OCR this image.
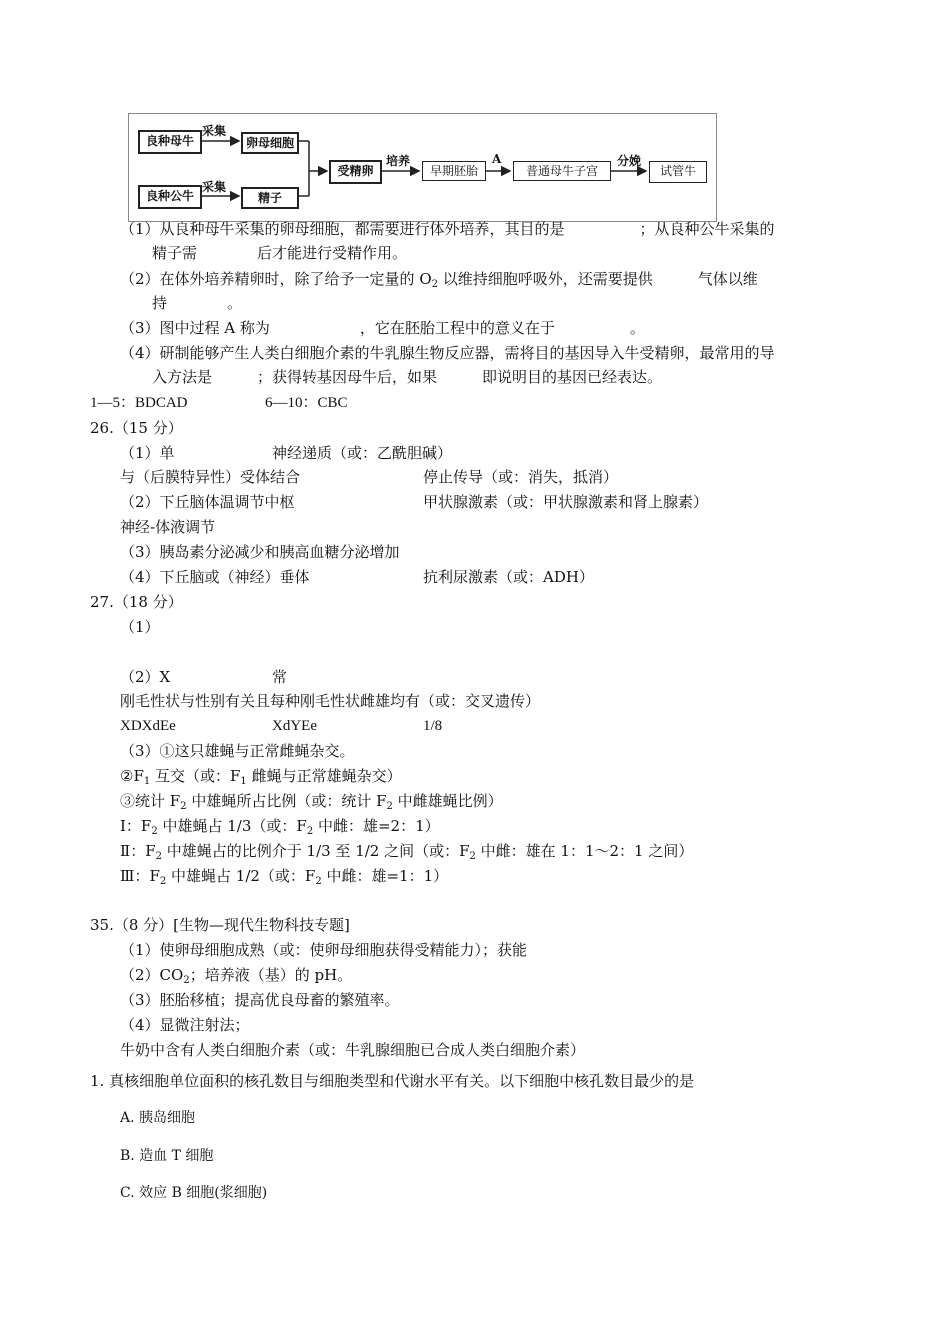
良种母牛	卵母细胞
良种公牛	精子
受精卵	早期胚胎	普通母牛子宫	试管牛
采集
采集
培养	A	分娩
（1）从良种母牛采集的卵母细胞，都需要进行体外培养，其目的是　　　　　；从良种公牛采集的
精子需　　　　后才能进行受精作用。
（2）在体外培养精卵时，除了给予一定量的 $O_2$ 以维持细胞呼吸外，还需要提供　　　气体以维
持　　　　。
（3）图中过程 A 称为　　　　　　，它在胚胎工程中的意义在于　　　　　。
（4）研制能够产生人类白细胞介素的牛乳腺生物反应器，需将目的基因导入牛受精卵，最常用的导
入方法是　　　；获得转基因母牛后，如果　　　即说明目的基因已经表达。
1—5：BDCAD	6—10：CBC
26.（15 分）
（1）单	神经递质（或：乙酰胆碱）
与（后膜特异性）受体结合	停止传导（或：消失，抵消）
（2）下丘脑体温调节中枢	甲状腺激素（或：甲状腺激素和肾上腺素）
神经-体液调节
（3）胰岛素分泌减少和胰高血糖分泌增加
（4）下丘脑或（神经）垂体	抗利尿激素（或：ADH）
27.（18 分）
（1）
（2）X	常
刚毛性状与性别有关且每种刚毛性状雌雄均有（或：交叉遗传）
XDXdEe	XdYEe	1/8
（3）①这只雄蝇与正常雌蝇杂交。
$②F_1$ 互交（或：$F_1$ 雌蝇与正常雄蝇杂交）
③统计 $F_2$ 中雄蝇所占比例（或：统计 $F_2$ 中雌雄蝇比例）
Ⅰ：$F_2$ 中雄蝇占 1/3（或：$F_2$ 中雌：雄=2：1）
Ⅱ：$F_2$ 中雄蝇占的比例介于 1/3 至 1/2 之间（或：$F_2$ 中雌：雄在 1：1～2：1 之间）
Ⅲ：$F_2$ 中雄蝇占 1/2（或：$F_2$ 中雌：雄=1：1）
35.（8 分）[生物—现代生物科技专题]
（1）使卵母细胞成熟（或：使卵母细胞获得受精能力）；获能
$(2)CO_2$；培养液（基）的 pH。
（3）胚胎移植；提高优良母畜的繁殖率。
（4）显微注射法；
牛奶中含有人类白细胞介素（或：牛乳腺细胞已合成人类白细胞介素）
1. 真核细胞单位面积的核孔数目与细胞类型和代谢水平有关。以下细胞中核孔数目最少的是
A. 胰岛细胞
B. 造血 T 细胞
C. 效应 B 细胞(浆细胞)
